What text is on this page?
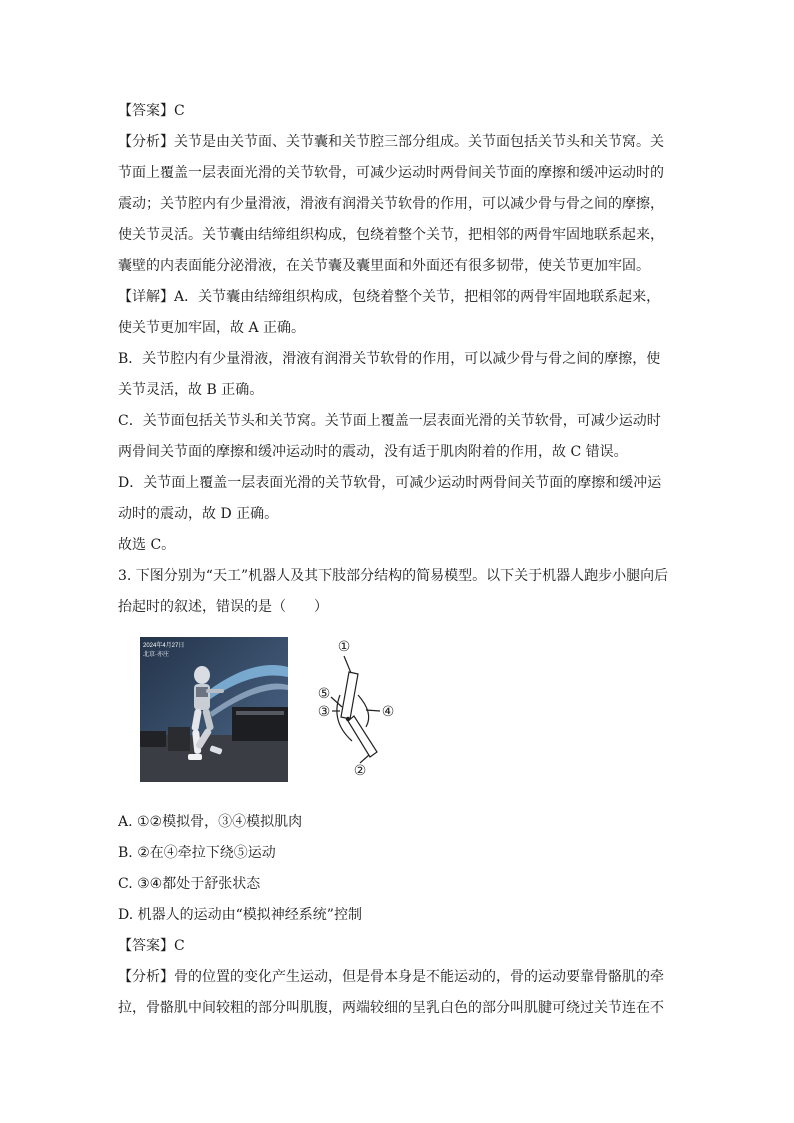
【答案】C
【分析】关节是由关节面、关节囊和关节腔三部分组成。关节面包括关节头和关节窝。关
节面上覆盖一层表面光滑的关节软骨，可减少运动时两骨间关节面的摩擦和缓冲运动时的
震动；关节腔内有少量滑液，滑液有润滑关节软骨的作用，可以减少骨与骨之间的摩擦，
使关节灵活。关节囊由结缔组织构成，包绕着整个关节，把相邻的两骨牢固地联系起来，
囊壁的内表面能分泌滑液，在关节囊及囊里面和外面还有很多韧带，使关节更加牢固。
【详解】A．关节囊由结缔组织构成，包绕着整个关节，把相邻的两骨牢固地联系起来，
使关节更加牢固，故 A 正确。
B．关节腔内有少量滑液，滑液有润滑关节软骨的作用，可以减少骨与骨之间的摩擦，使
关节灵活，故 B 正确。
C．关节面包括关节头和关节窝。关节面上覆盖一层表面光滑的关节软骨，可减少运动时
两骨间关节面的摩擦和缓冲运动时的震动，没有适于肌肉附着的作用，故 C 错误。
D．关节面上覆盖一层表面光滑的关节软骨，可减少运动时两骨间关节面的摩擦和缓冲运
动时的震动，故 D 正确。
故选 C。
3. 下图分别为“天工”机器人及其下肢部分结构的简易模型。以下关于机器人跑步小腿向后
抬起时的叙述，错误的是（　　）
2024年4月27日
北京·亦庄	①
②
③	④
⑤
A. ①②模拟骨，③④模拟肌肉
B. ②在④牵拉下绕⑤运动
C. ③④都处于舒张状态
D. 机器人的运动由“模拟神经系统”控制
【答案】C
【分析】骨的位置的变化产生运动，但是骨本身是不能运动的，骨的运动要靠骨骼肌的牵
拉，骨骼肌中间较粗的部分叫肌腹，两端较细的呈乳白色的部分叫肌腱可绕过关节连在不
